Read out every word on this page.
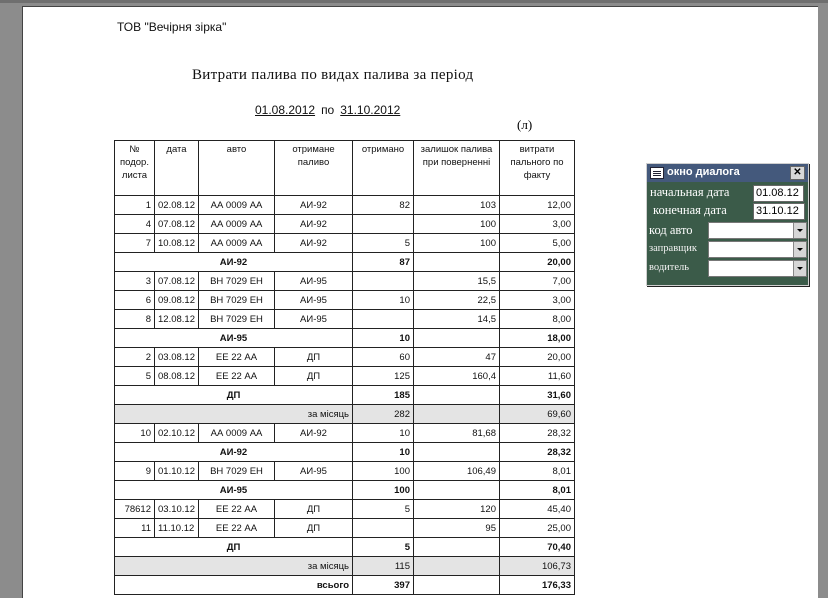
ТОВ "Вечірня зірка"
Витрати палива по видах палива за період
01.08.2012 по 31.10.2012
(л)
№ подор. листа	дата	авто	отримане паливо	отримано	залишок палива при поверненні	витрати пального по факту
1	02.08.12	АА 0009 АА	АИ-92	82	103	12,00
4	07.08.12	АА 0009 АА	АИ-92		100	3,00
7	10.08.12	АА 0009 АА	АИ-92	5	100	5,00
АИ-92				87		20,00
3	07.08.12	ВН 7029 ЕН	АИ-95		15,5	7,00
6	09.08.12	ВН 7029 ЕН	АИ-95	10	22,5	3,00
8	12.08.12	ВН 7029 ЕН	АИ-95		14,5	8,00
АИ-95				10		18,00
2	03.08.12	ЕЕ 22 АА	ДП	60	47	20,00
5	08.08.12	ЕЕ 22 АА	ДП	125	160,4	11,60
ДП				185		31,60
за місяць				282		69,60
10	02.10.12	АА 0009 АА	АИ-92	10	81,68	28,32
АИ-92				10		28,32
9	01.10.12	ВН 7029 ЕН	АИ-95	100	106,49	8,01
АИ-95				100		8,01
78612	03.10.12	ЕЕ 22 АА	ДП	5	120	45,40
11	11.10.12	ЕЕ 22 АА	ДП		95	25,00
ДП				5		70,40
за місяць				115		106,73
всього				397		176,33
окно диалога	✕
начальная дата 01.08.12
конечная дата	31.10.12
код авто
заправщик
водитель
